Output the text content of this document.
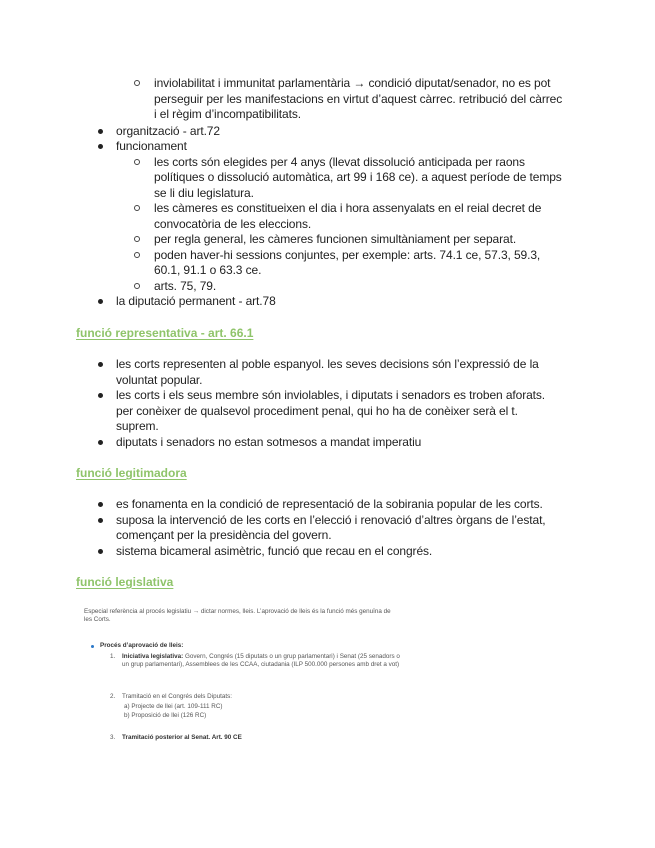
inviolabilitat i immunitat parlamentària → condició diputat/senador, no es pot perseguir per les manifestacions en virtut d’aquest càrrec. retribució del càrrec i el règim d’incompatibilitats.
organització - art.72
funcionament
les corts són elegides per 4 anys (llevat dissolució anticipada per raons polítiques o dissolució automàtica, art 99 i 168 ce). a aquest període de temps se li diu legislatura.
les càmeres es constitueixen el dia i hora assenyalats en el reial decret de convocatòria de les eleccions.
per regla general, les càmeres funcionen simultàniament per separat.
poden haver-hi sessions conjuntes, per exemple: arts. 74.1 ce, 57.3, 59.3, 60.1, 91.1 o 63.3 ce.
arts. 75, 79.
la diputació permanent - art.78
funció representativa - art. 66.1
les corts representen al poble espanyol. les seves decisions són l’expressió de la voluntat popular.
les corts i els seus membre són inviolables, i diputats i senadors es troben aforats. per conèixer de qualsevol procediment penal, qui ho ha de conèixer serà el t. suprem.
diputats i senadors no estan sotmesos a mandat imperatiu
funció legitimadora
es fonamenta en la condició de representació de la sobirania popular de les corts.
suposa la intervenció de les corts en l’elecció i renovació d’altres òrgans de l’estat, començant per la presidència del govern.
sistema bicameral asimètric, funció que recau en el congrés.
funció legislativa
Especial referència al procés legislatiu → dictar normes, lleis. L’aprovació de lleis és la funció més genuïna de les Corts.
Procés d’aprovació de lleis:
1. Iniciativa legislativa: Govern, Congrés (15 diputats o un grup parlamentari) i Senat (25 senadors o un grup parlamentari), Assemblees de les CCAA, ciutadania (ILP 500.000 persones amb dret a vot)
2. Tramitació en el Congrés dels Diputats:
a) Projecte de llei (art. 109-111 RC)
b) Proposició de llei (126 RC)
3. Tramitació posterior al Senat. Art. 90 CE
